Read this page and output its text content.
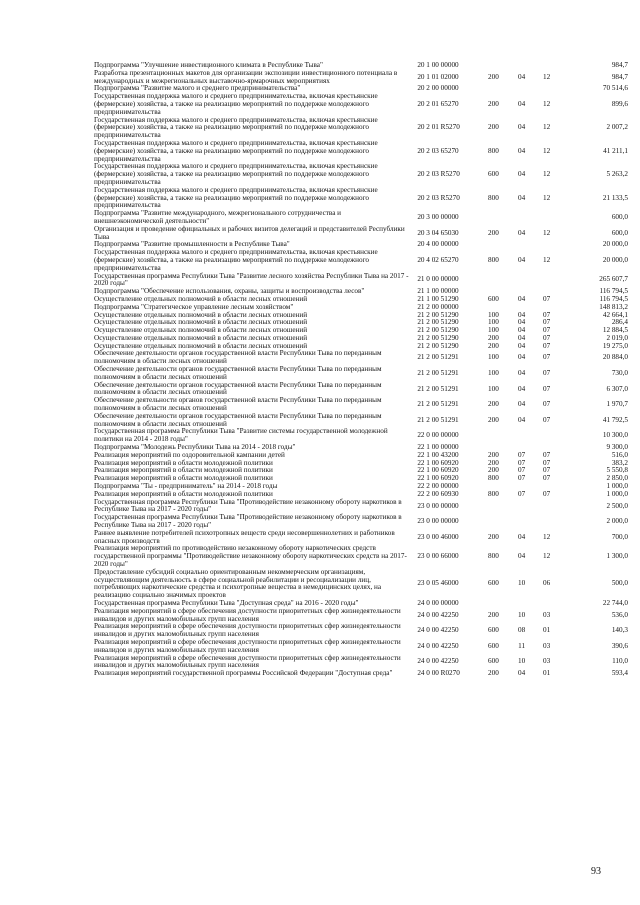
Подпрограмма "Улучшение инвестиционного климата в Республике Тыва"	20 1 00 00000				984,7
Разработка презентационных макетов для организации экспозиции инвестиционного потенциала в международных и межрегиональных выставочно-ярмарочных мероприятиях	20 1 01 02000	200	04	12	984,7
Подпрограмма "Развитие малого и среднего предпринимательства"	20 2 00 00000				70 514,6
Государственная поддержка малого и среднего предпринимательства, включая крестьянские (фермерские) хозяйства, а также на реализацию мероприятий по поддержке молодежного предпринимательства	20 2 01 65270	200	04	12	899,6
Государственная поддержка малого и среднего предпринимательства, включая крестьянские (фермерские) хозяйства, а также на реализацию мероприятий по поддержке молодежного предпринимательства	20 2 01 R5270	200	04	12	2 007,2
Государственная поддержка малого и среднего предпринимательства, включая крестьянские (фермерские) хозяйства, а также на реализацию мероприятий по поддержке молодежного предпринимательства	20 2 03 65270	800	04	12	41 211,1
Государственная поддержка малого и среднего предпринимательства, включая крестьянские (фермерские) хозяйства, а также на реализацию мероприятий по поддержке молодежного предпринимательства	20 2 03 R5270	600	04	12	5 263,2
Государственная поддержка малого и среднего предпринимательства, включая крестьянские (фермерские) хозяйства, а также на реализацию мероприятий по поддержке молодежного предпринимательства	20 2 03 R5270	800	04	12	21 133,5
Подпрограмма "Развитие международного, межрегионального сотрудничества и внешнеэкономической деятельности"	20 3 00 00000				600,0
Организация и проведение официальных и рабочих визитов делегаций и представителей Республики Тыва	20 3 04 65030	200	04	12	600,0
Подпрограмма "Развитие промышленности в Республике Тыва"	20 4 00 00000				20 000,0
Государственная поддержка малого и среднего предпринимательства, включая крестьянские (фермерские) хозяйства, а также на реализацию мероприятий по поддержке молодежного предпринимательства	20 4 02 65270	800	04	12	20 000,0
Государственная программа Республики Тыва "Развитие лесного хозяйства Республики Тыва на 2017 - 2020 годы"	21 0 00 00000				265 607,7
Подпрограмма "Обеспечение использования, охраны, защиты и воспроизводства лесов"	21 1 00 00000				116 794,5
Осуществление отдельных полномочий в области лесных отношений	21 1 00 51290	600	04	07	116 794,5
Подпрограмма "Стратегическое управление лесным хозяйством"	21 2 00 00000				148 813,2
Осуществление отдельных полномочий в области лесных отношений	21 2 00 51290	100	04	07	42 664,1
Осуществление отдельных полномочий в области лесных отношений	21 2 00 51290	100	04	07	286,4
Осуществление отдельных полномочий в области лесных отношений	21 2 00 51290	100	04	07	12 884,5
Осуществление отдельных полномочий в области лесных отношений	21 2 00 51290	200	04	07	2 019,0
Осуществление отдельных полномочий в области лесных отношений	21 2 00 51290	200	04	07	19 275,0
Обеспечение деятельности органов государственной власти Республики Тыва по переданным полномочиям в области лесных отношений	21 2 00 51291	100	04	07	20 884,0
Обеспечение деятельности органов государственной власти Республики Тыва по переданным полномочиям в области лесных отношений	21 2 00 51291	100	04	07	730,0
Обеспечение деятельности органов государственной власти Республики Тыва по переданным полномочиям в области лесных отношений	21 2 00 51291	100	04	07	6 307,0
Обеспечение деятельности органов государственной власти Республики Тыва по переданным полномочиям в области лесных отношений	21 2 00 51291	200	04	07	1 970,7
Обеспечение деятельности органов государственной власти Республики Тыва по переданным полномочиям в области лесных отношений	21 2 00 51291	200	04	07	41 792,5
Государственная программа Республики Тыва "Развитие системы государственной молодежной политики на 2014 - 2018 годы"	22 0 00 00000				10 300,0
Подпрограмма "Молодежь Республики Тыва на 2014 - 2018 годы"	22 1 00 00000				9 300,0
Реализация мероприятий по оздоровительной кампании детей	22 1 00 43200	200	07	07	516,0
Реализация мероприятий в области молодежной политики	22 1 00 60920	200	07	07	383,2
Реализация мероприятий в области молодежной политики	22 1 00 60920	200	07	07	5 550,8
Реализация мероприятий в области молодежной политики	22 1 00 60920	800	07	07	2 850,0
Подпрограмма "Ты - предприниматель" на 2014 - 2018 годы	22 2 00 00000				1 000,0
Реализация мероприятий в области молодежной политики	22 2 00 60930	800	07	07	1 000,0
Государственная программа Республики Тыва "Противодействие незаконному обороту наркотиков в Республике Тыва на 2017 - 2020 годы"	23 0 00 00000				2 500,0
Государственная программа Республики Тыва "Противодействие незаконному обороту наркотиков в Республике Тыва на 2017 - 2020 годы"	23 0 00 00000				2 000,0
Раннее выявление потребителей психотропных веществ среди несовершеннолетних и работников опасных производств	23 0 00 46000	200	04	12	700,0
Реализация мероприятий по противодействию незаконному обороту наркотических средств государственной программы "Противодействие незаконному обороту наркотических средств на 2017-2020 годы"	23 0 00 66000	800	04	12	1 300,0
Предоставление субсидий социально ориентированным некоммерческим организациям, осуществляющим деятельность в сфере социальной реабилитации и ресоциализации лиц, потребляющих наркотические средства и психотропные вещества в немедицинских целях, на реализацию социально значимых проектов	23 0 05 46000	600	10	06	500,0
Государственная программа Республики Тыва "Доступная среда" на 2016 - 2020 годы"	24 0 00 00000				22 744,0
Реализация мероприятий в сфере обеспечения доступности приоритетных сфер жизнедеятельности инвалидов и других маломобильных групп населения	24 0 00 42250	200	10	03	536,0
Реализация мероприятий в сфере обеспечения доступности приоритетных сфер жизнедеятельности инвалидов и других маломобильных групп населения	24 0 00 42250	600	08	01	140,3
Реализация мероприятий в сфере обеспечения доступности приоритетных сфер жизнедеятельности инвалидов и других маломобильных групп населения	24 0 00 42250	600	11	03	390,6
Реализация мероприятий в сфере обеспечения доступности приоритетных сфер жизнедеятельности инвалидов и других маломобильных групп населения	24 0 00 42250	600	10	03	110,0
Реализация мероприятий государственной программы Российской Федерации "Доступная среда"	24 0 00 R0270	200	04	01	593,4
93
